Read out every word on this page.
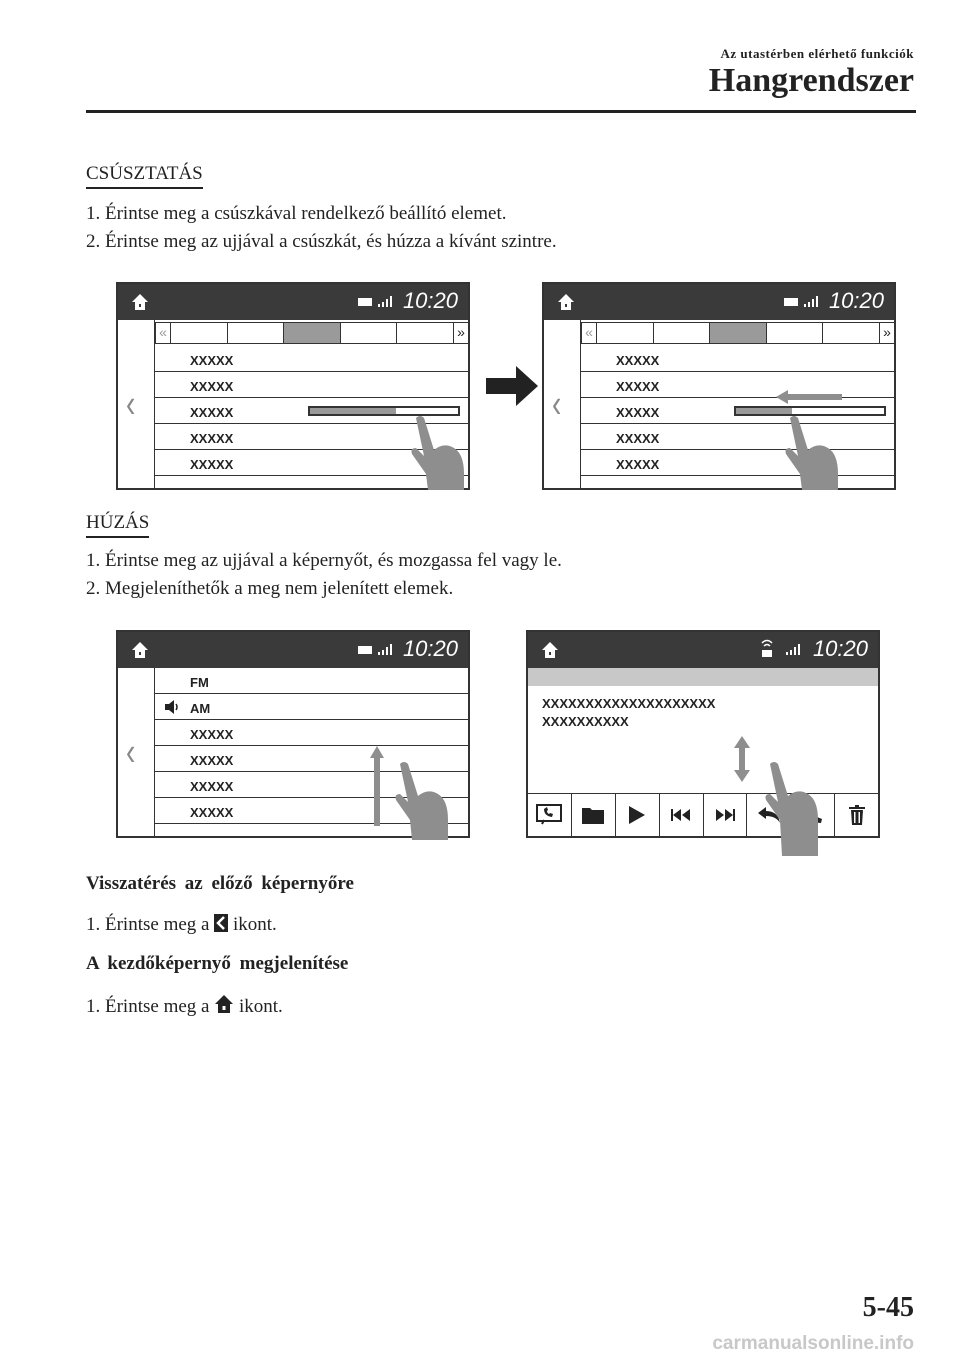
Az utastérben elérhető funkciók
Hangrendszer
CSÚSZTATÁS
1. Érintse meg a csúszkával rendelkező beállító elemet.
2. Érintse meg az ujjával a csúszkát, és húzza a kívánt szintre.
10:20
‹
«	»
XXXXX
XXXXX
XXXXX
XXXXX
XXXXX
10:20
‹
«	»
XXXXX
XXXXX
XXXXX
XXXXX
XXXXX
HÚZÁS
1. Érintse meg az ujjával a képernyőt, és mozgassa fel vagy le.
2. Megjeleníthetők a meg nem jelenített elemek.
10:20
‹
FM
AM
XXXXX
XXXXX
XXXXX
XXXXX
10:20
XXXXXXXXXXXXXXXXXXXX
XXXXXXXXXX
Visszatérés az előző képernyőre
1. Érintse meg a ikont.
A kezdőképernyő megjelenítése
1. Érintse meg a ikont.
5-45
carmanualsonline.info
